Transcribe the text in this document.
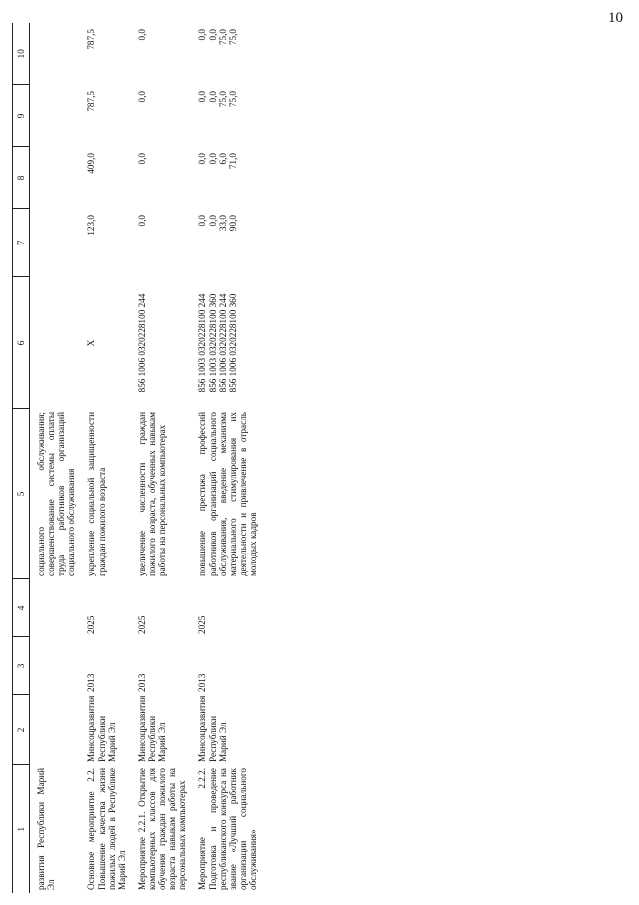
10
1	2	3	4	5	6	7	8	9	10
развития Республики Марий Эл				социального обслуживания; совершенствование системы оплаты труда работников организаций социального обслуживания					
Основное мероприятие 2.2. Повышение качества жизни пожилых людей в Республике Марий Эл	Минсоцразвития Республики Марий Эл	2013	2025	укрепление социальной защищенности граждан пожилого возраста	X	123,0	409,0	787,5	787,5

Мероприятие 2.2.1. Открытие компьютерных классов для обучения граждан пожилого возраста навыкам работы на персональных компьютерах	Минсоцразвития Республики Марий Эл	2013	2025	увеличение численности граждан пожилого возраста, обученных навыкам работы на персональных компьютерах	856 1006 0320228100 244	0,0	0,0	0,0	0,0

Мероприятие 2.2.2. Подготовка и проведение республиканского конкурса на звание «Лучший работник организации социального обслуживания»	Минсоцразвития Республики Марий Эл	2013	2025	повышение престижа профессий работников организаций социального обслуживания, введение механизма материального стимулирования их деятельности и привлечение в отрасль молодых кадров	856 1003 0320228100 244 856 1003 0320228100 360 856 1006 0320228100 244 856 1006 0320228100 360	0,0 0,0 33,0 90,0	0,0 0,0 6,0 71,0	0,0 0,0 75,0 75,0	0,0 0,0 75,0 75,0
